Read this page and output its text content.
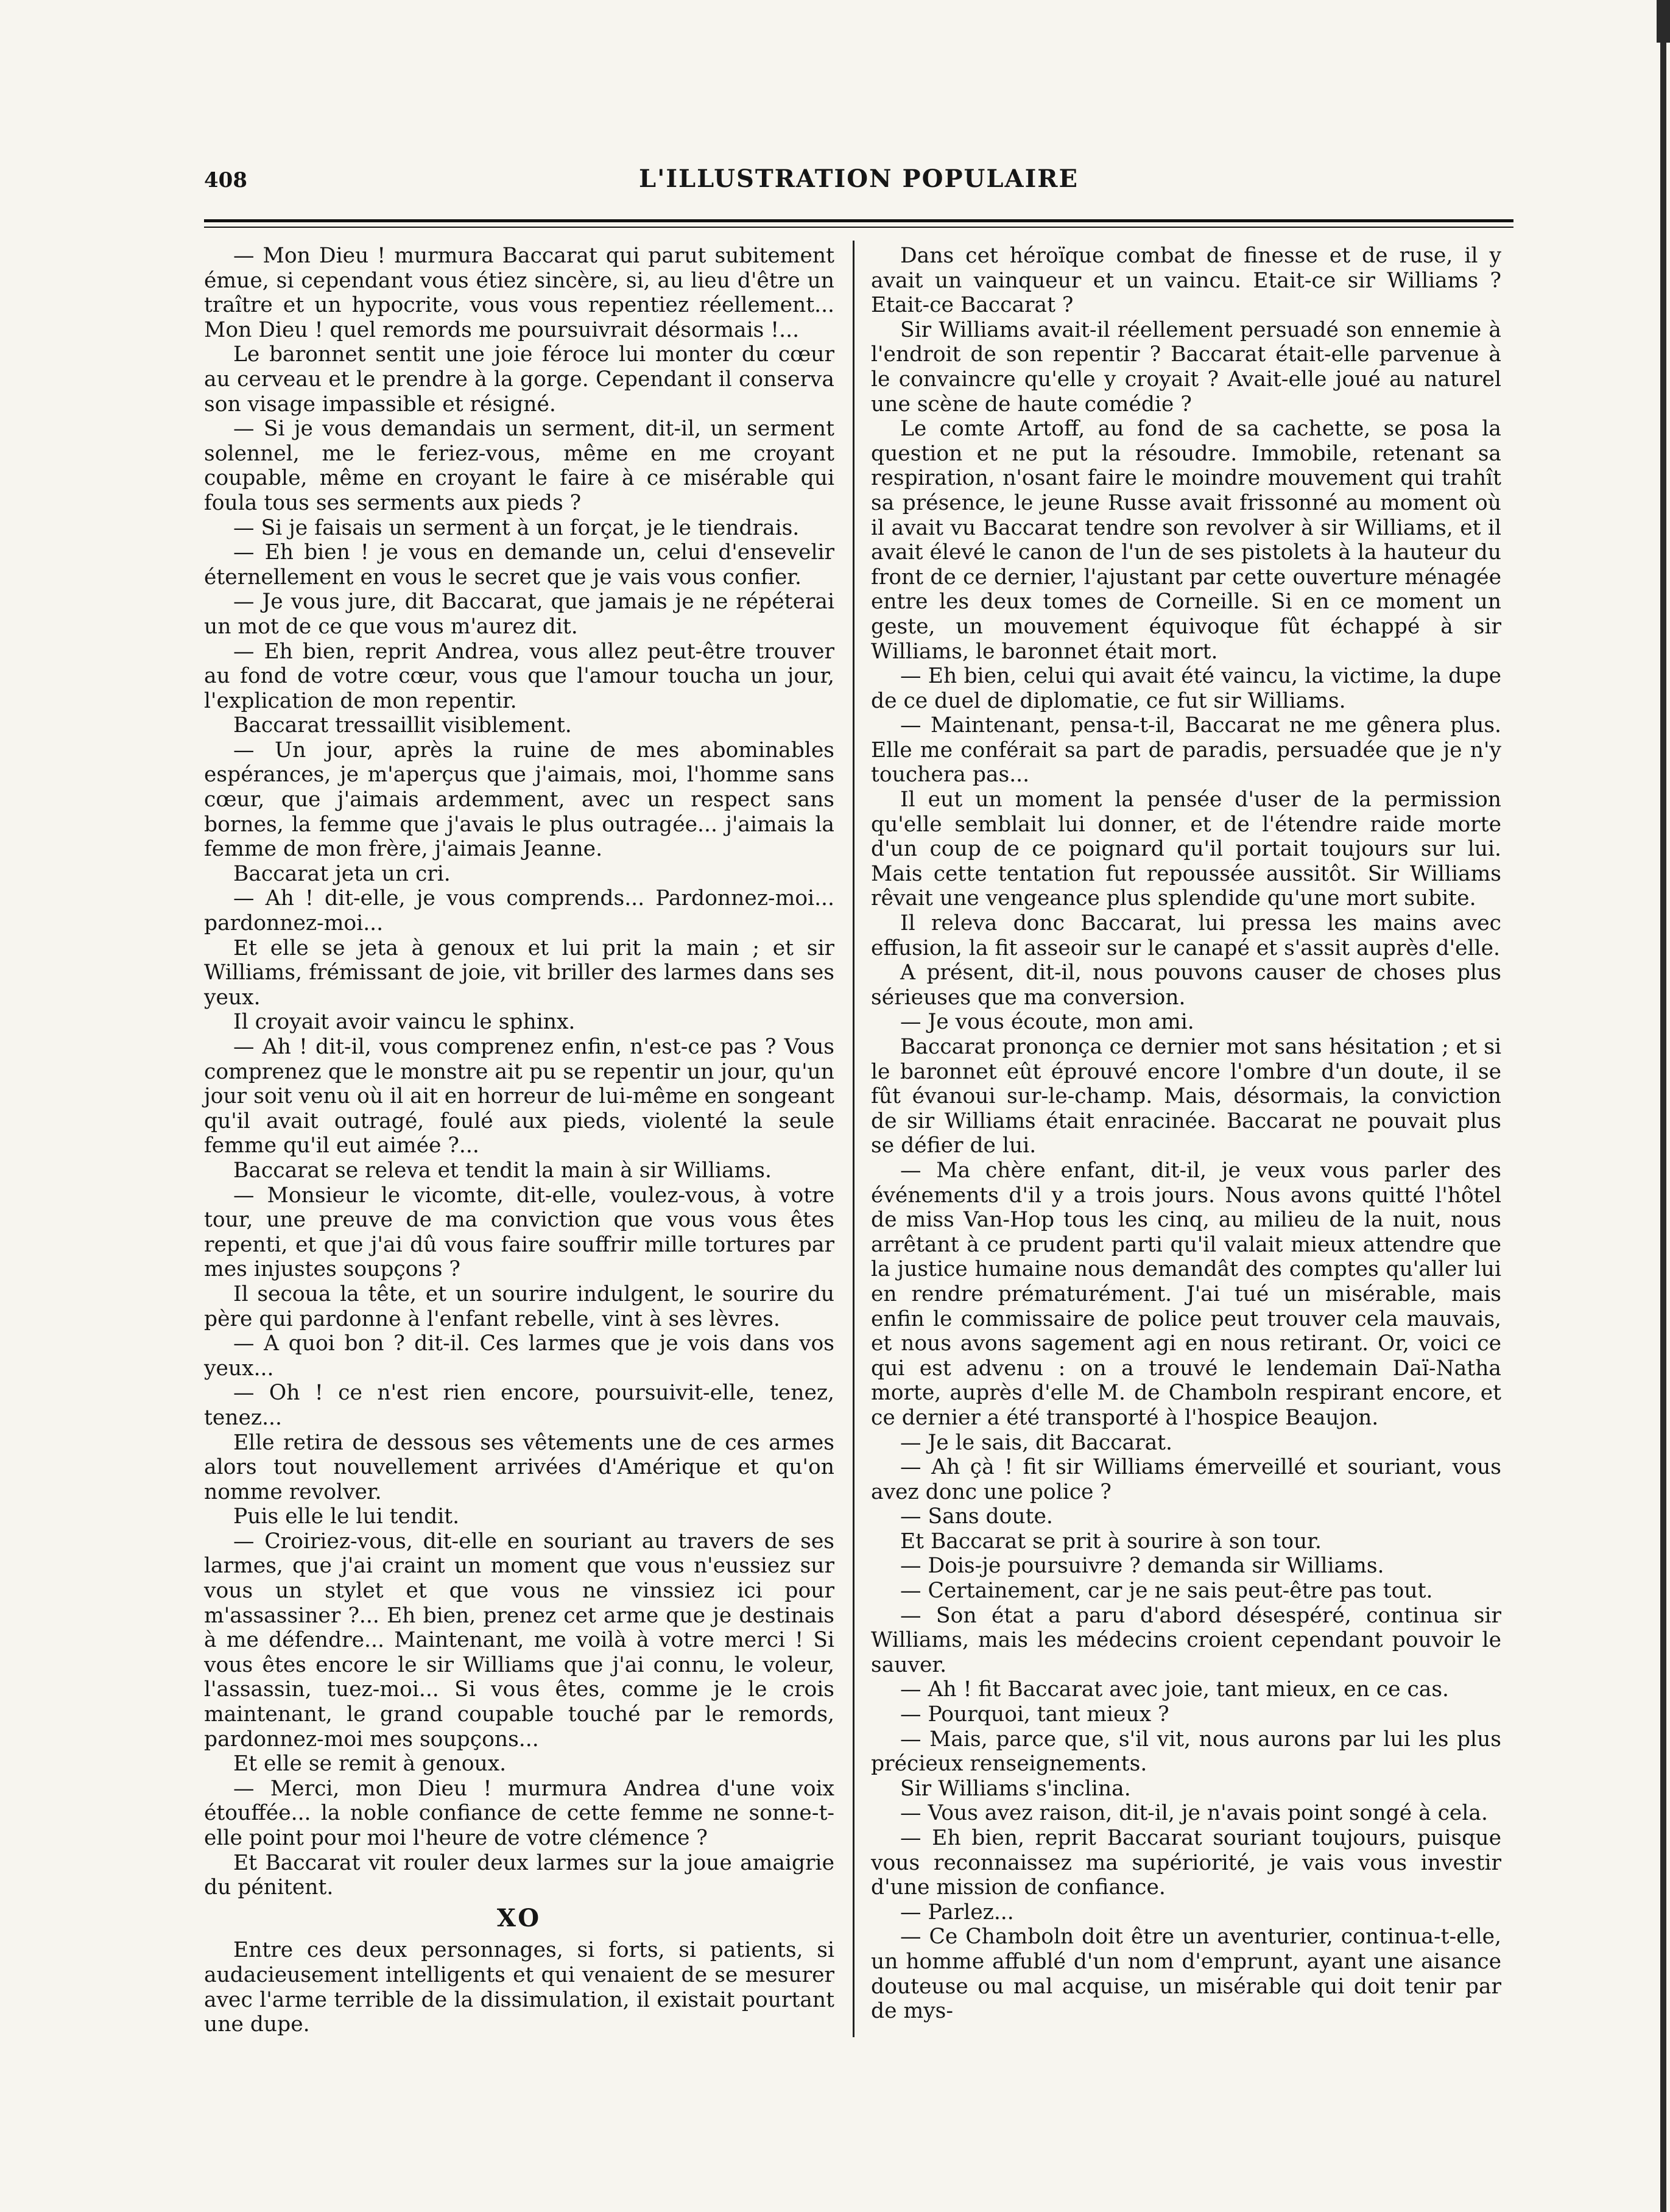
408	L'ILLUSTRATION POPULAIRE

— Mon Dieu ! murmura Baccarat qui parut subitement émue, si cependant vous étiez sincère, si, au lieu d'être un traître et un hypocrite, vous vous repentiez réellement... Mon Dieu ! quel remords me poursuivrait désormais !...

Le baronnet sentit une joie féroce lui monter du cœur au cerveau et le prendre à la gorge. Cependant il conserva son visage impassible et résigné.

— Si je vous demandais un serment, dit-il, un serment solennel, me le feriez-vous, même en me croyant coupable, même en croyant le faire à ce misérable qui foula tous ses serments aux pieds ?

— Si je faisais un serment à un forçat, je le tiendrais.

— Eh bien ! je vous en demande un, celui d'ensevelir éternellement en vous le secret que je vais vous confier.

— Je vous jure, dit Baccarat, que jamais je ne répéterai un mot de ce que vous m'aurez dit.

— Eh bien, reprit Andrea, vous allez peut-être trouver au fond de votre cœur, vous que l'amour toucha un jour, l'explication de mon repentir.

Baccarat tressaillit visiblement.

— Un jour, après la ruine de mes abominables espérances, je m'aperçus que j'aimais, moi, l'homme sans cœur, que j'aimais ardemment, avec un respect sans bornes, la femme que j'avais le plus outragée... j'aimais la femme de mon frère, j'aimais Jeanne.

Baccarat jeta un cri.

— Ah ! dit-elle, je vous comprends... Pardonnez-moi... pardonnez-moi...

Et elle se jeta à genoux et lui prit la main ; et sir Williams, frémissant de joie, vit briller des larmes dans ses yeux.

Il croyait avoir vaincu le sphinx.

— Ah ! dit-il, vous comprenez enfin, n'est-ce pas ? Vous comprenez que le monstre ait pu se repentir un jour, qu'un jour soit venu où il ait en horreur de lui-même en songeant qu'il avait outragé, foulé aux pieds, violenté la seule femme qu'il eut aimée ?...

Baccarat se releva et tendit la main à sir Williams.

— Monsieur le vicomte, dit-elle, voulez-vous, à votre tour, une preuve de ma conviction que vous vous êtes repenti, et que j'ai dû vous faire souffrir mille tortures par mes injustes soupçons ?

Il secoua la tête, et un sourire indulgent, le sourire du père qui pardonne à l'enfant rebelle, vint à ses lèvres.

— A quoi bon ? dit-il. Ces larmes que je vois dans vos yeux...

— Oh ! ce n'est rien encore, poursuivit-elle, tenez, tenez...

Elle retira de dessous ses vêtements une de ces armes alors tout nouvellement arrivées d'Amérique et qu'on nomme revolver.

Puis elle le lui tendit.

— Croiriez-vous, dit-elle en souriant au travers de ses larmes, que j'ai craint un moment que vous n'eussiez sur vous un stylet et que vous ne vinssiez ici pour m'assassiner ?... Eh bien, prenez cet arme que je destinais à me défendre... Maintenant, me voilà à votre merci ! Si vous êtes encore le sir Williams que j'ai connu, le voleur, l'assassin, tuez-moi... Si vous êtes, comme je le crois maintenant, le grand coupable touché par le remords, pardonnez-moi mes soupçons...

Et elle se remit à genoux.

— Merci, mon Dieu ! murmura Andrea d'une voix étouffée... la noble confiance de cette femme ne sonne-t-elle point pour moi l'heure de votre clémence ?

Et Baccarat vit rouler deux larmes sur la joue amaigrie du pénitent.

XO

Entre ces deux personnages, si forts, si patients, si audacieusement intelligents et qui venaient de se mesurer avec l'arme terrible de la dissimulation, il existait pourtant une dupe.

Dans cet héroïque combat de finesse et de ruse, il y avait un vainqueur et un vaincu. Etait-ce sir Williams ? Etait-ce Baccarat ?

Sir Williams avait-il réellement persuadé son ennemie à l'endroit de son repentir ? Baccarat était-elle parvenue à le convaincre qu'elle y croyait ? Avait-elle joué au naturel une scène de haute comédie ?

Le comte Artoff, au fond de sa cachette, se posa la question et ne put la résoudre. Immobile, retenant sa respiration, n'osant faire le moindre mouvement qui trahît sa présence, le jeune Russe avait frissonné au moment où il avait vu Baccarat tendre son revolver à sir Williams, et il avait élevé le canon de l'un de ses pistolets à la hauteur du front de ce dernier, l'ajustant par cette ouverture ménagée entre les deux tomes de Corneille. Si en ce moment un geste, un mouvement équivoque fût échappé à sir Williams, le baronnet était mort.

— Eh bien, celui qui avait été vaincu, la victime, la dupe de ce duel de diplomatie, ce fut sir Williams.

— Maintenant, pensa-t-il, Baccarat ne me gênera plus. Elle me conférait sa part de paradis, persuadée que je n'y touchera pas...

Il eut un moment la pensée d'user de la permission qu'elle semblait lui donner, et de l'étendre raide morte d'un coup de ce poignard qu'il portait toujours sur lui. Mais cette tentation fut repoussée aussitôt. Sir Williams rêvait une vengeance plus splendide qu'une mort subite.

Il releva donc Baccarat, lui pressa les mains avec effusion, la fit asseoir sur le canapé et s'assit auprès d'elle.

A présent, dit-il, nous pouvons causer de choses plus sérieuses que ma conversion.

— Je vous écoute, mon ami.

Baccarat prononça ce dernier mot sans hésitation ; et si le baronnet eût éprouvé encore l'ombre d'un doute, il se fût évanoui sur-le-champ. Mais, désormais, la conviction de sir Williams était enracinée. Baccarat ne pouvait plus se défier de lui.

— Ma chère enfant, dit-il, je veux vous parler des événements d'il y a trois jours. Nous avons quitté l'hôtel de miss Van-Hop tous les cinq, au milieu de la nuit, nous arrêtant à ce prudent parti qu'il valait mieux attendre que la justice humaine nous demandât des comptes qu'aller lui en rendre prématurément. J'ai tué un misérable, mais enfin le commissaire de police peut trouver cela mauvais, et nous avons sagement agi en nous retirant. Or, voici ce qui est advenu : on a trouvé le lendemain Daï-Natha morte, auprès d'elle M. de Chamboln respirant encore, et ce dernier a été transporté à l'hospice Beaujon.

— Je le sais, dit Baccarat.

— Ah çà ! fit sir Williams émerveillé et souriant, vous avez donc une police ?

— Sans doute.

Et Baccarat se prit à sourire à son tour.

— Dois-je poursuivre ? demanda sir Williams.

— Certainement, car je ne sais peut-être pas tout.

— Son état a paru d'abord désespéré, continua sir Williams, mais les médecins croient cependant pouvoir le sauver.

— Ah ! fit Baccarat avec joie, tant mieux, en ce cas.

— Pourquoi, tant mieux ?

— Mais, parce que, s'il vit, nous aurons par lui les plus précieux renseignements.

Sir Williams s'inclina.

— Vous avez raison, dit-il, je n'avais point songé à cela.

— Eh bien, reprit Baccarat souriant toujours, puisque vous reconnaissez ma supériorité, je vais vous investir d'une mission de confiance.

— Parlez...

— Ce Chamboln doit être un aventurier, continua-t-elle, un homme affublé d'un nom d'emprunt, ayant une aisance douteuse ou mal acquise, un misérable qui doit tenir par de mys-
